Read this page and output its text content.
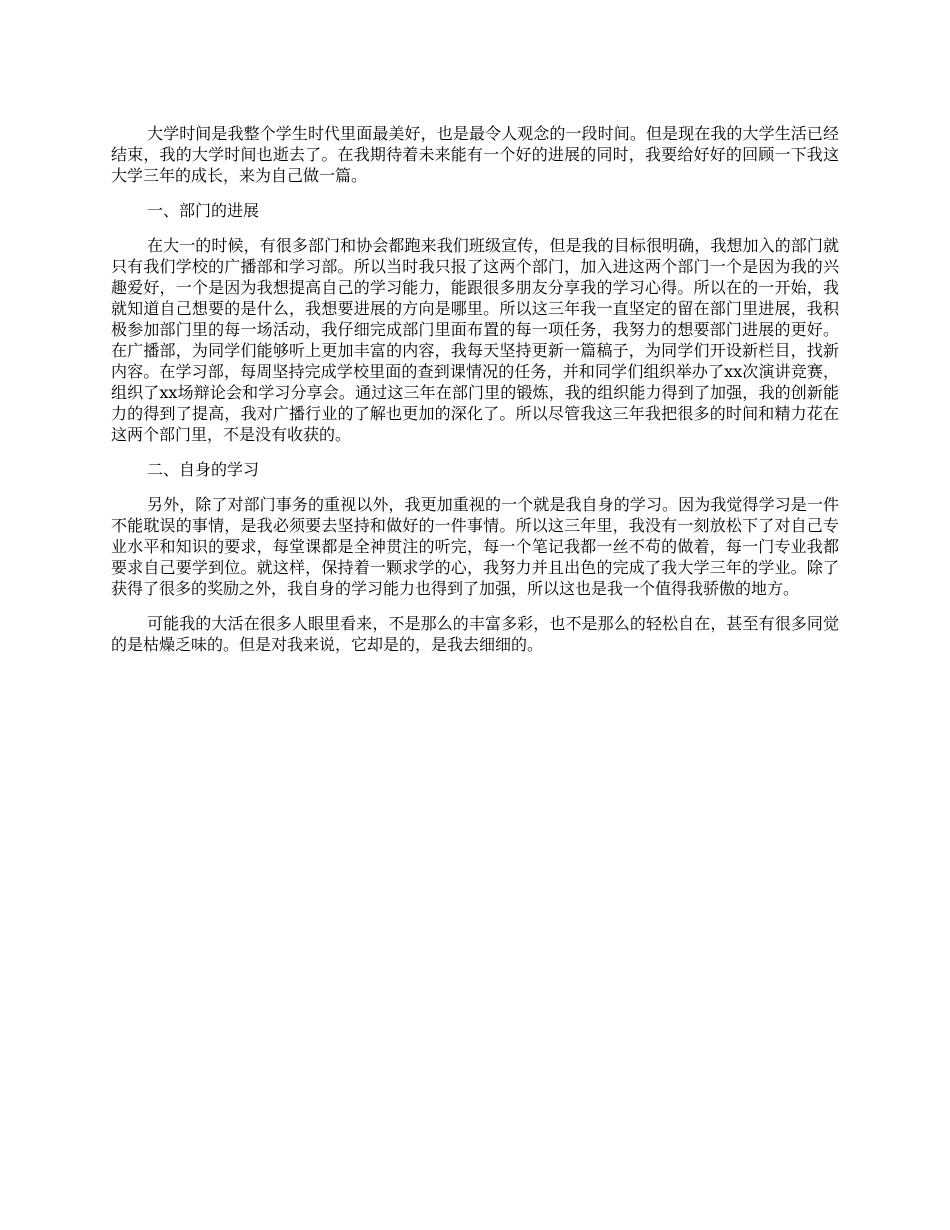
大学时间是我整个学生时代里面最美好，也是最令人观念的一段时间。但是现在我的大学生活已经结束，我的大学时间也逝去了。在我期待着未来能有一个好的进展的同时，我要给好好的回顾一下我这大学三年的成长，来为自己做一篇。

一、部门的进展

在大一的时候，有很多部门和协会都跑来我们班级宣传，但是我的目标很明确，我想加入的部门就只有我们学校的广播部和学习部。所以当时我只报了这两个部门，加入进这两个部门一个是因为我的兴趣爱好，一个是因为我想提高自己的学习能力，能跟很多朋友分享我的学习心得。所以在的一开始，我就知道自己想要的是什么，我想要进展的方向是哪里。所以这三年我一直坚定的留在部门里进展，我积极参加部门里的每一场活动，我仔细完成部门里面布置的每一项任务，我努力的想要部门进展的更好。在广播部，为同学们能够听上更加丰富的内容，我每天坚持更新一篇稿子，为同学们开设新栏目，找新内容。在学习部，每周坚持完成学校里面的查到课情况的任务，并和同学们组织举办了xx次演讲竞赛，组织了xx场辩论会和学习分享会。通过这三年在部门里的锻炼，我的组织能力得到了加强，我的创新能力的得到了提高，我对广播行业的了解也更加的深化了。所以尽管我这三年我把很多的时间和精力花在这两个部门里，不是没有收获的。

二、自身的学习

另外，除了对部门事务的重视以外，我更加重视的一个就是我自身的学习。因为我觉得学习是一件不能耽误的事情，是我必须要去坚持和做好的一件事情。所以这三年里，我没有一刻放松下了对自己专业水平和知识的要求，每堂课都是全神贯注的听完，每一个笔记我都一丝不苟的做着，每一门专业我都要求自己要学到位。就这样，保持着一颗求学的心，我努力并且出色的完成了我大学三年的学业。除了获得了很多的奖励之外，我自身的学习能力也得到了加强，所以这也是我一个值得我骄傲的地方。

可能我的大活在很多人眼里看来，不是那么的丰富多彩，也不是那么的轻松自在，甚至有很多同觉的是枯燥乏味的。但是对我来说，它却是的，是我去细细的。
